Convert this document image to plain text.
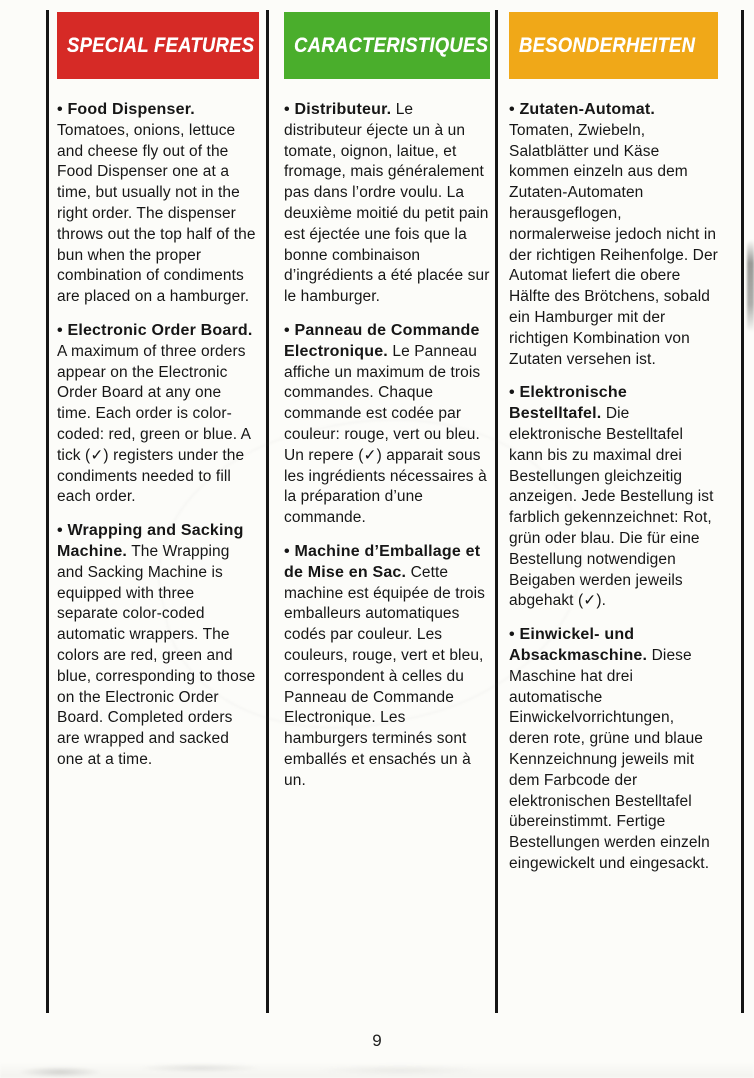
SPECIAL FEATURES

• Food Dispenser. Tomatoes, onions, lettuce and cheese fly out of the Food Dispenser one at a time, but usually not in the right order. The dispenser throws out the top half of the bun when the proper combination of condiments are placed on a hamburger.

• Electronic Order Board. A maximum of three orders appear on the Electronic Order Board at any one time. Each order is color-coded: red, green or blue. A tick (✓) registers under the condiments needed to fill each order.

• Wrapping and Sacking Machine. The Wrapping and Sacking Machine is equipped with three separate color-coded automatic wrappers. The colors are red, green and blue, corresponding to those on the Electronic Order Board. Completed orders are wrapped and sacked one at a time.

CARACTERISTIQUES

• Distributeur. Le distributeur éjecte un à un tomate, oignon, laitue, et fromage, mais généralement pas dans l’ordre voulu. La deuxième moitié du petit pain est éjectée une fois que la bonne combinaison d’ingrédients a été placée sur le hamburger.

• Panneau de Commande Electronique. Le Panneau affiche un maximum de trois commandes. Chaque commande est codée par couleur: rouge, vert ou bleu. Un repere (✓) apparait sous les ingrédients nécessaires à la préparation d’une commande.

• Machine d’Emballage et de Mise en Sac. Cette machine est équipée de trois emballeurs automatiques codés par couleur. Les couleurs, rouge, vert et bleu, correspondent à celles du Panneau de Commande Electronique. Les hamburgers terminés sont emballés et ensachés un à un.

BESONDERHEITEN

• Zutaten-Automat. Tomaten, Zwiebeln, Salatblätter und Käse kommen einzeln aus dem Zutaten-Automaten herausgeflogen, normalerweise jedoch nicht in der richtigen Reihenfolge. Der Automat liefert die obere Hälfte des Brötchens, sobald ein Hamburger mit der richtigen Kombination von Zutaten versehen ist.

• Elektronische Bestelltafel. Die elektronische Bestelltafel kann bis zu maximal drei Bestellungen gleichzeitig anzeigen. Jede Bestellung ist farblich gekennzeichnet: Rot, grün oder blau. Die für eine Bestellung notwendigen Beigaben werden jeweils abgehakt (✓).

• Einwickel- und Absackmaschine. Diese Maschine hat drei automatische Einwickelvorrichtungen, deren rote, grüne und blaue Kennzeichnung jeweils mit dem Farbcode der elektronischen Bestelltafel übereinstimmt. Fertige Bestellungen werden einzeln eingewickelt und eingesackt.

9
